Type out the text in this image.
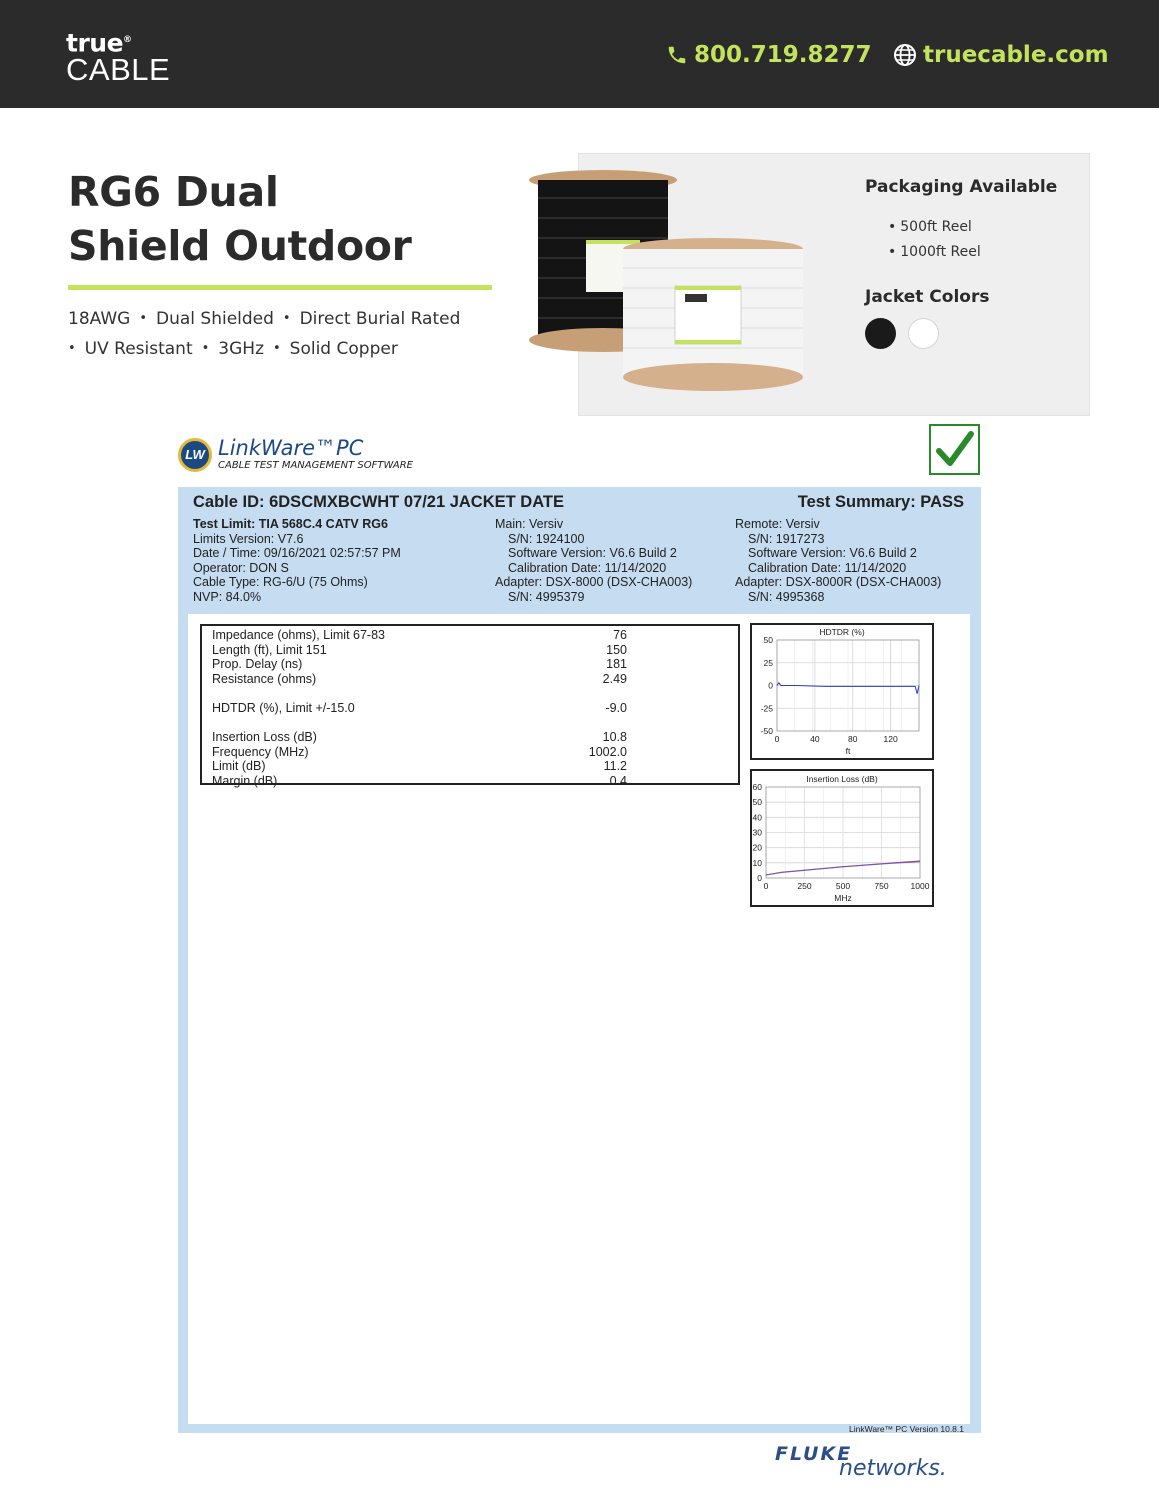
true®
CABLE	800.719.8277 truecable.com
RG6 Dual
Shield Outdoor
18AWG • Dual Shielded • Direct Burial Rated
• UV Resistant • 3GHz • Solid Copper
Packaging Available
• 500ft Reel
• 1000ft Reel
Jacket Colors
LW LinkWare™PC
CABLE TEST MANAGEMENT SOFTWARE
Cable ID: 6DSCMXBCWHT 07/21 JACKET DATE	Test Summary: PASS
Test Limit: TIA 568C.4 CATV RG6
Limits Version: V7.6
Date / Time: 09/16/2021 02:57:57 PM
Operator: DON S
Cable Type: RG-6/U (75 Ohms)
NVP: 84.0%
Main: Versiv
S/N: 1924100
Software Version: V6.6 Build 2
Calibration Date: 11/14/2020
Adapter: DSX-8000 (DSX-CHA003)
S/N: 4995379
Remote: Versiv
S/N: 1917273
Software Version: V6.6 Build 2
Calibration Date: 11/14/2020
Adapter: DSX-8000R (DSX-CHA003)
S/N: 4995368
Impedance (ohms), Limit 67-83	76
Length (ft), Limit 151	150
Prop. Delay (ns)	181
Resistance (ohms)	2.49
HDTDR (%), Limit +/-15.0	-9.0
Insertion Loss (dB)	10.8
Frequency (MHz)	1002.0
Limit (dB)	11.2
Margin (dB)	0.4
HDTDR (%)
0	40	80	120
50
25
0
-25
-50
ft
Insertion Loss (dB)
0	250	500	750	1000
60
50
40
30
20
10
0
MHz
LinkWare™ PC Version 10.8.1
FLUKE
networks.
